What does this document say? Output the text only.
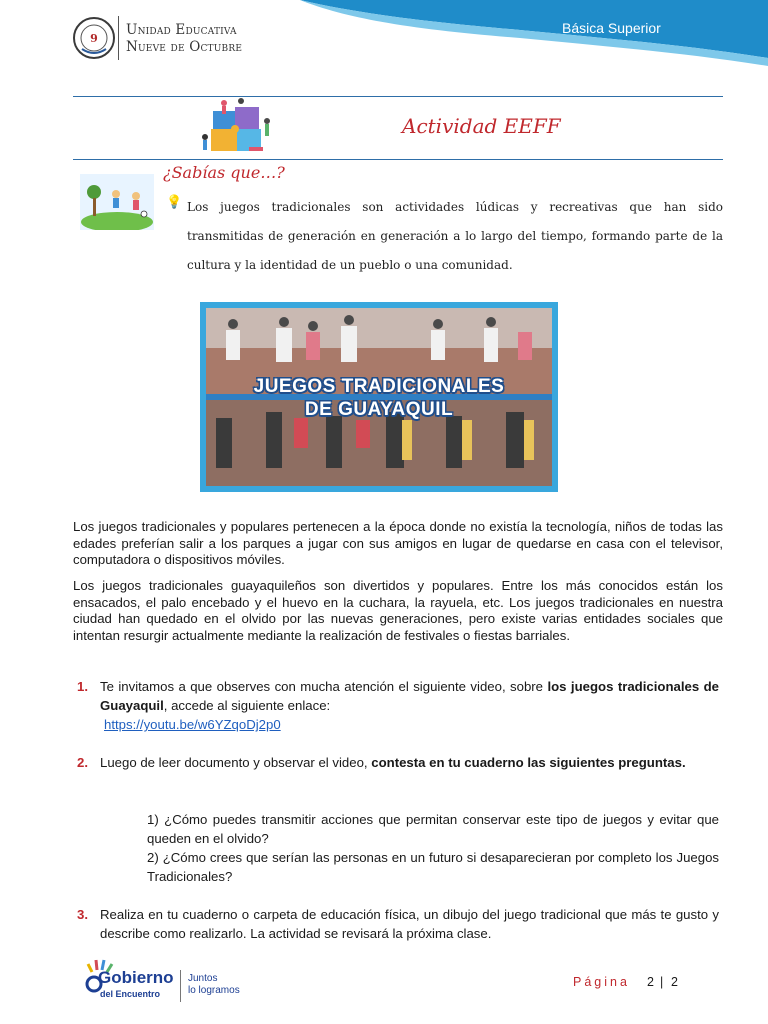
9
Unidad Educativa
Nueve de Octubre
Básica Superior
Actividad EEFF
¿Sabías que…?
💡 Los juegos tradicionales son actividades lúdicas y recreativas que han sido transmitidas de generación en generación a lo largo del tiempo, formando parte de la cultura y la identidad de un pueblo o una comunidad.
JUEGOS TRADICIONALES
DE GUAYAQUIL
Los juegos tradicionales y populares pertenecen a la época donde no existía la tecnología, niños de todas las edades preferían salir a los parques a jugar con sus amigos en lugar de quedarse en casa con el televisor, computadora o dispositivos móviles.
Los juegos tradicionales guayaquileños son divertidos y populares. Entre los más conocidos están los ensacados, el palo encebado y el huevo en la cuchara, la rayuela, etc. Los juegos tradicionales en nuestra ciudad han quedado en el olvido por las nuevas generaciones, pero existe varias entidades sociales que intentan resurgir actualmente mediante la realización de festivales o fiestas barriales.
1. Te invitamos a que observes con mucha atención el siguiente video, sobre los juegos tradicionales de Guayaquil, accede al siguiente enlace:
https://youtu.be/w6YZqoDj2p0
2. Luego de leer documento y observar el video, contesta en tu cuaderno las siguientes preguntas.
1) ¿Cómo puedes transmitir acciones que permitan conservar este tipo de juegos y evitar que queden en el olvido?
2) ¿Cómo crees que serían las personas en un futuro si desaparecieran por completo los Juegos Tradicionales?
3. Realiza en tu cuaderno o carpeta de educación física, un dibujo del juego tradicional que más te gusto y describe como realizarlo. La actividad se revisará la próxima clase.
Gobierno
del Encuentro
Juntos
lo logramos
Página 2 | 2
